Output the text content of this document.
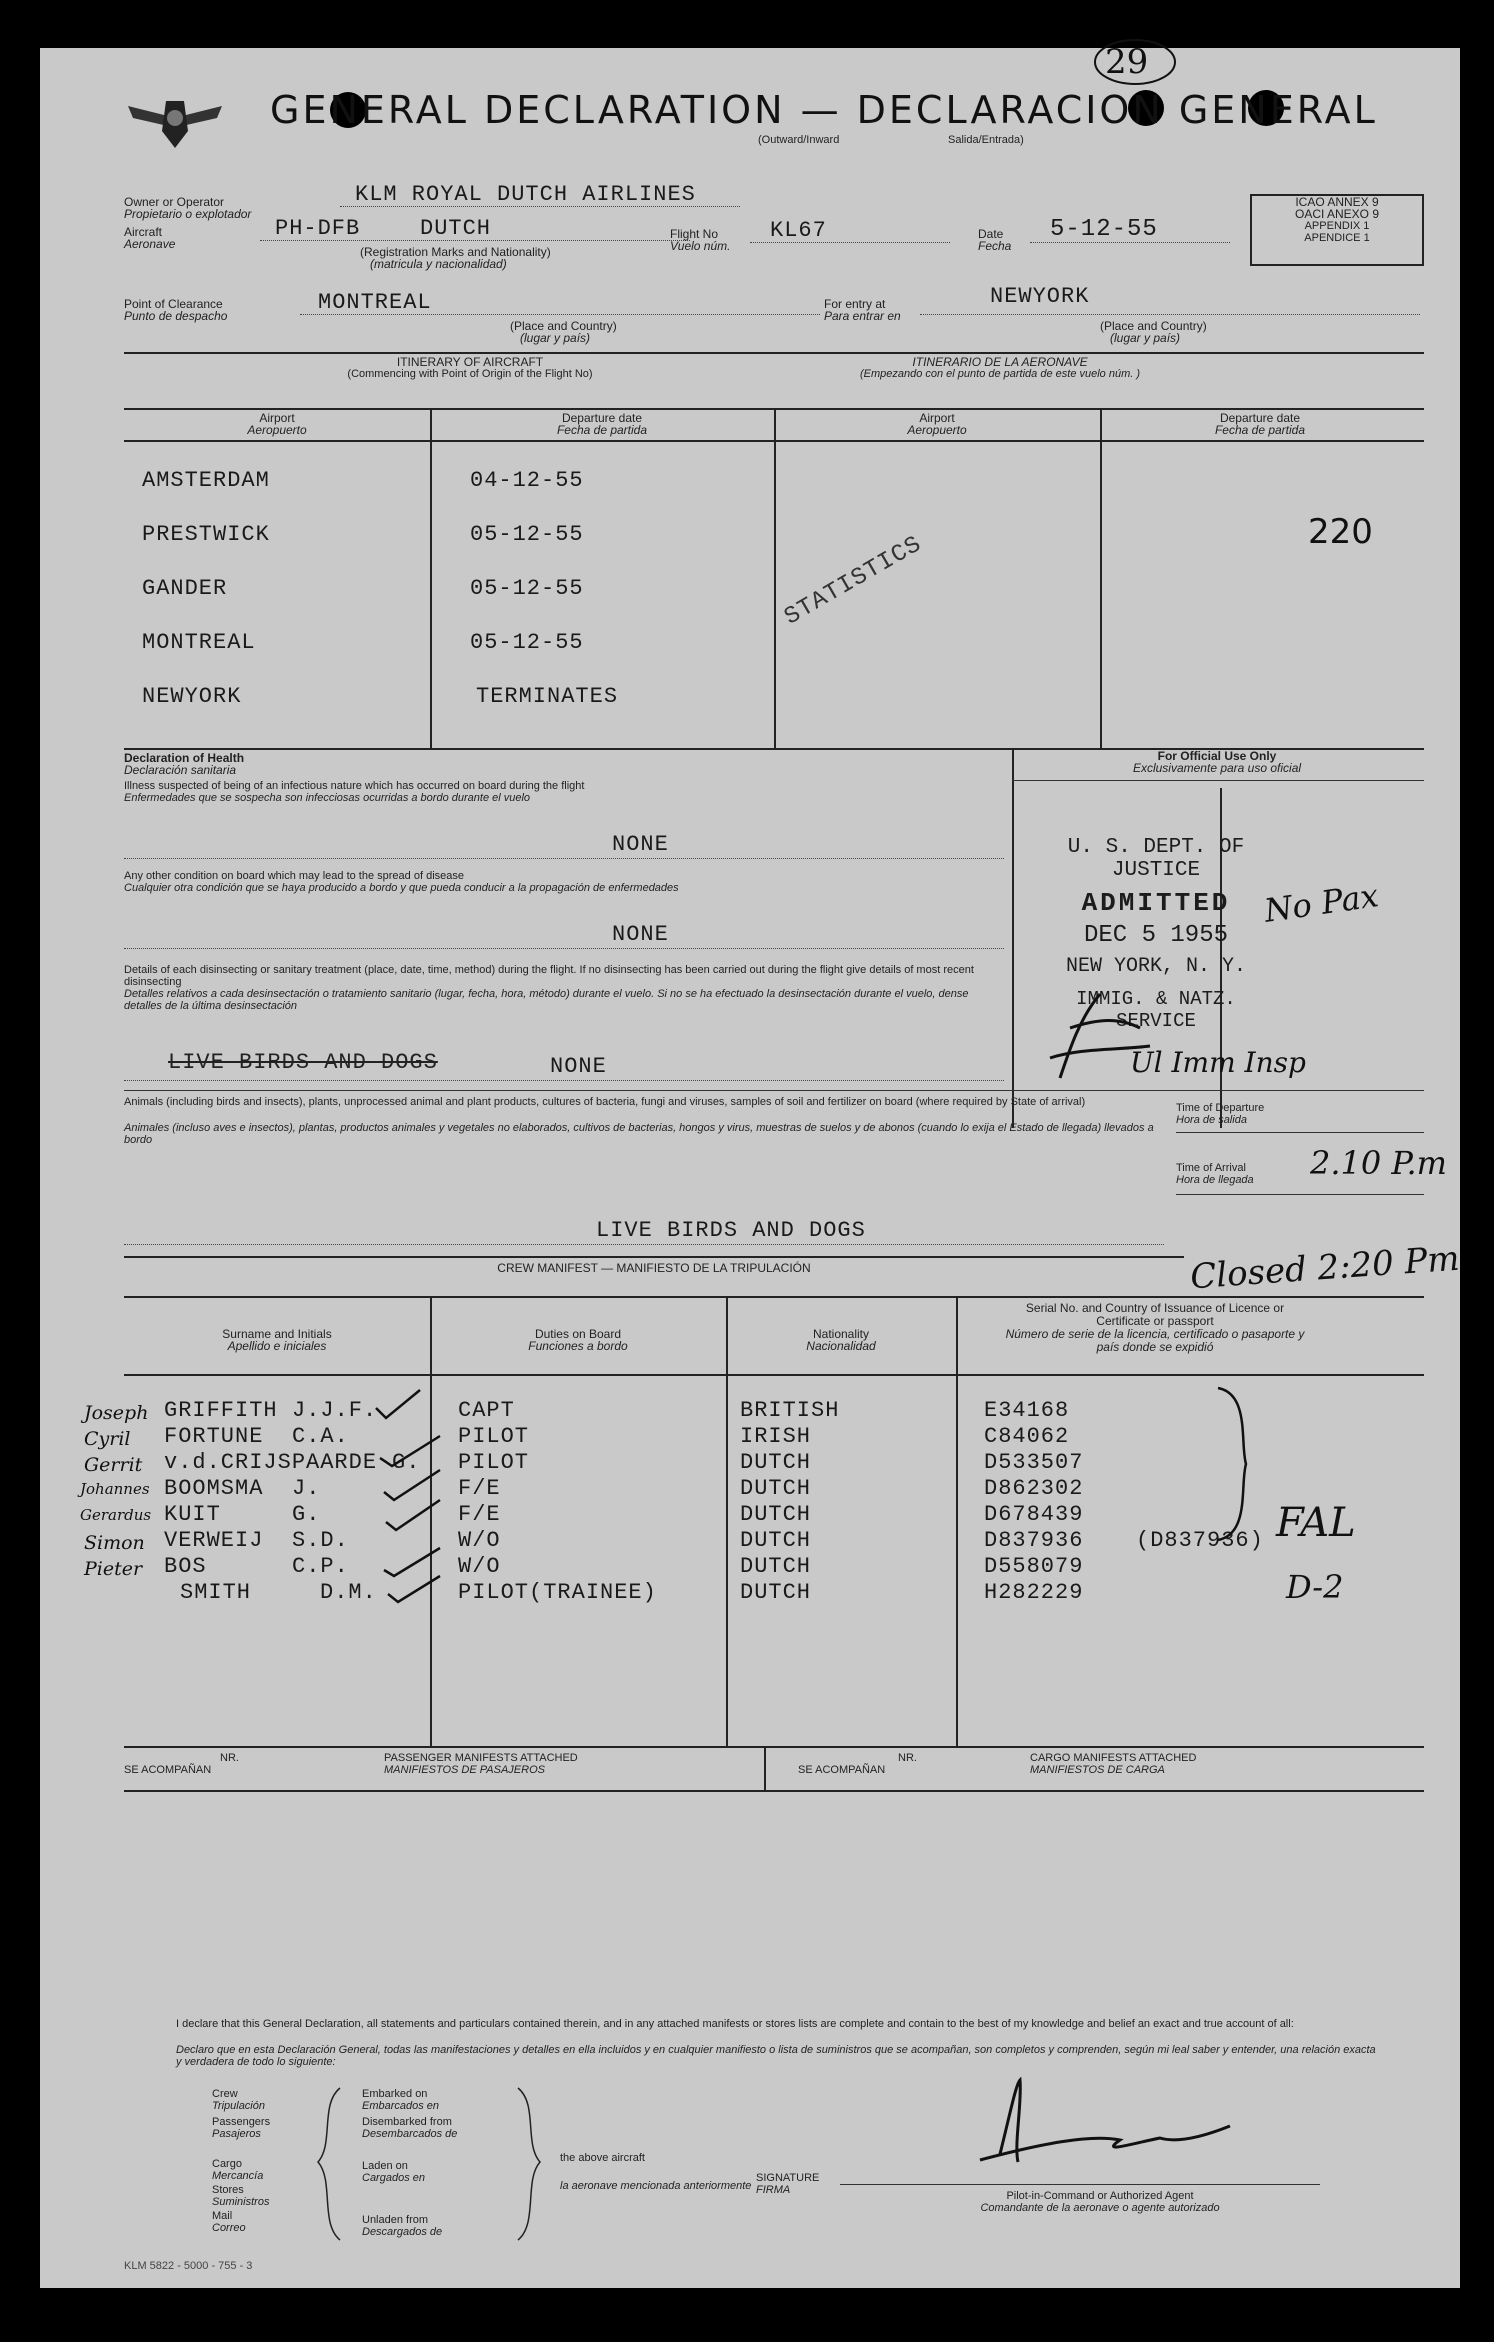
29
GENERAL DECLARATION — DECLARACION GENERAL
(Outward/Inward	Salida/Entrada)
ICAO ANNEX 9
OACI ANEXO 9
APPENDIX 1
APENDICE 1
Owner or Operator
Propietario o explotador
KLM ROYAL DUTCH AIRLINES
Aircraft
Aeronave
PH-DFB	DUTCH
(Registration Marks and Nationality)
(matricula y nacionalidad)
Flight No
Vuelo núm.
KL67	Date
Fecha
5-12-55
Point of Clearance
Punto de despacho
MONTREAL
(Place and Country)
(lugar y país)
For entry at
Para entrar en
NEWYORK
(Place and Country)
(lugar y país)
ITINERARY OF AIRCRAFT
(Commencing with Point of Origin of the Flight No)
ITINERARIO DE LA AERONAVE
(Empezando con el punto de partida de este vuelo núm. )
Airport
Aeropuerto
Departure date
Fecha de partida
Airport
Aeropuerto
Departure date
Fecha de partida
AMSTERDAM	04-12-55
PRESTWICK	05-12-55
GANDER	05-12-55
MONTREAL	05-12-55
NEWYORK	TERMINATES
STATISTICS	220
Declaration of Health
Declaración sanitaria
Illness suspected of being of an infectious nature which has occurred on board during the flight
Enfermedades que se sospecha son infecciosas ocurridas a bordo durante el vuelo
NONE
Any other condition on board which may lead to the spread of disease
Cualquier otra condición que se haya producido a bordo y que pueda conducir a la propagación de enfermedades
NONE
Details of each disinsecting or sanitary treatment (place, date, time, method) during the flight. If no disinsecting has been carried out during the flight give details of most recent disinsecting
Detalles relativos a cada desinsectación o tratamiento sanitario (lugar, fecha, hora, método) durante el vuelo. Si no se ha efectuado la desinsectación durante el vuelo, dense detalles de la última desinsectación
LIVE BIRDS AND DOGS	NONE
Animals (including birds and insects), plants, unprocessed animal and plant products, cultures of bacteria, fungi and viruses, samples of soil and fertilizer on board (where required by State of arrival)
Animales (incluso aves e insectos), plantas, productos animales y vegetales no elaborados, cultivos de bacterias, hongos y virus, muestras de suelos y de abonos (cuando lo exija el Estado de llegada) llevados a bordo
LIVE BIRDS AND DOGS
For Official Use Only
Exclusivamente para uso oficial
U. S. DEPT. OF JUSTICE
ADMITTED
DEC 5 1955
NEW YORK, N. Y.
IMMIG. & NATZ. SERVICE
No Pax
Ul Imm Insp
Time of Departure
Hora de salida
Time of Arrival
Hora de llegada 2.10 P.m
Closed 2:20 Pm
CREW MANIFEST — MANIFIESTO DE LA TRIPULACIÓN
Surname and Initials
Apellido e iniciales
Duties on Board
Funciones a bordo
Nationality
Nacionalidad
Serial No. and Country of Issuance of Licence or Certificate or passport
Número de serie de la licencia, certificado o pasaporte y país donde se expidió
Joseph GRIFFITH J.J.F.	CAPT	BRITISH	E34168
Cyril FORTUNE C.A.	PILOT	IRISH	C84062
Gerrit v.d.CRIJSPAARDE G. PILOT	DUTCH	D533507
Johannes BOOMSMA J.	F/E	DUTCH	D862302
Gerardus KUIT	G.	F/E	DUTCH	D678439
Simon VERWEIJ S.D.	W/O	DUTCH	D837936 (D837936)
Pieter BOS	C.P.	W/O	DUTCH	D558079
SMITH	D.M.	PILOT(TRAINEE)	DUTCH	H282229
FAL
D-2
NR.
SE ACOMPAÑAN
PASSENGER MANIFESTS ATTACHED
MANIFIESTOS DE PASAJEROS
NR.
SE ACOMPAÑAN
CARGO MANIFESTS ATTACHED
MANIFIESTOS DE CARGA
I declare that this General Declaration, all statements and particulars contained therein, and in any attached manifests or stores lists are complete and contain to the best of my knowledge and belief an exact and true account of all:
Declaro que en esta Declaración General, todas las manifestaciones y detalles en ella incluidos y en cualquier manifiesto o lista de suministros que se acompañan, son completos y comprenden, según mi leal saber y entender, una relación exacta y verdadera de todo lo siguiente:
Crew
Tripulación
Passengers
Pasajeros
Cargo
Mercancía
Stores
Suministros
Mail
Correo
Embarked on
Embarcados en
Disembarked from
Desembarcados de
Laden on
Cargados en
Unladen from
Descargados de
the above aircraft
la aeronave mencionada anteriormente
SIGNATURE
FIRMA	Pilot-in-Command or Authorized Agent
Comandante de la aeronave o agente autorizado
KLM 5822 - 5000 - 755 - 3
